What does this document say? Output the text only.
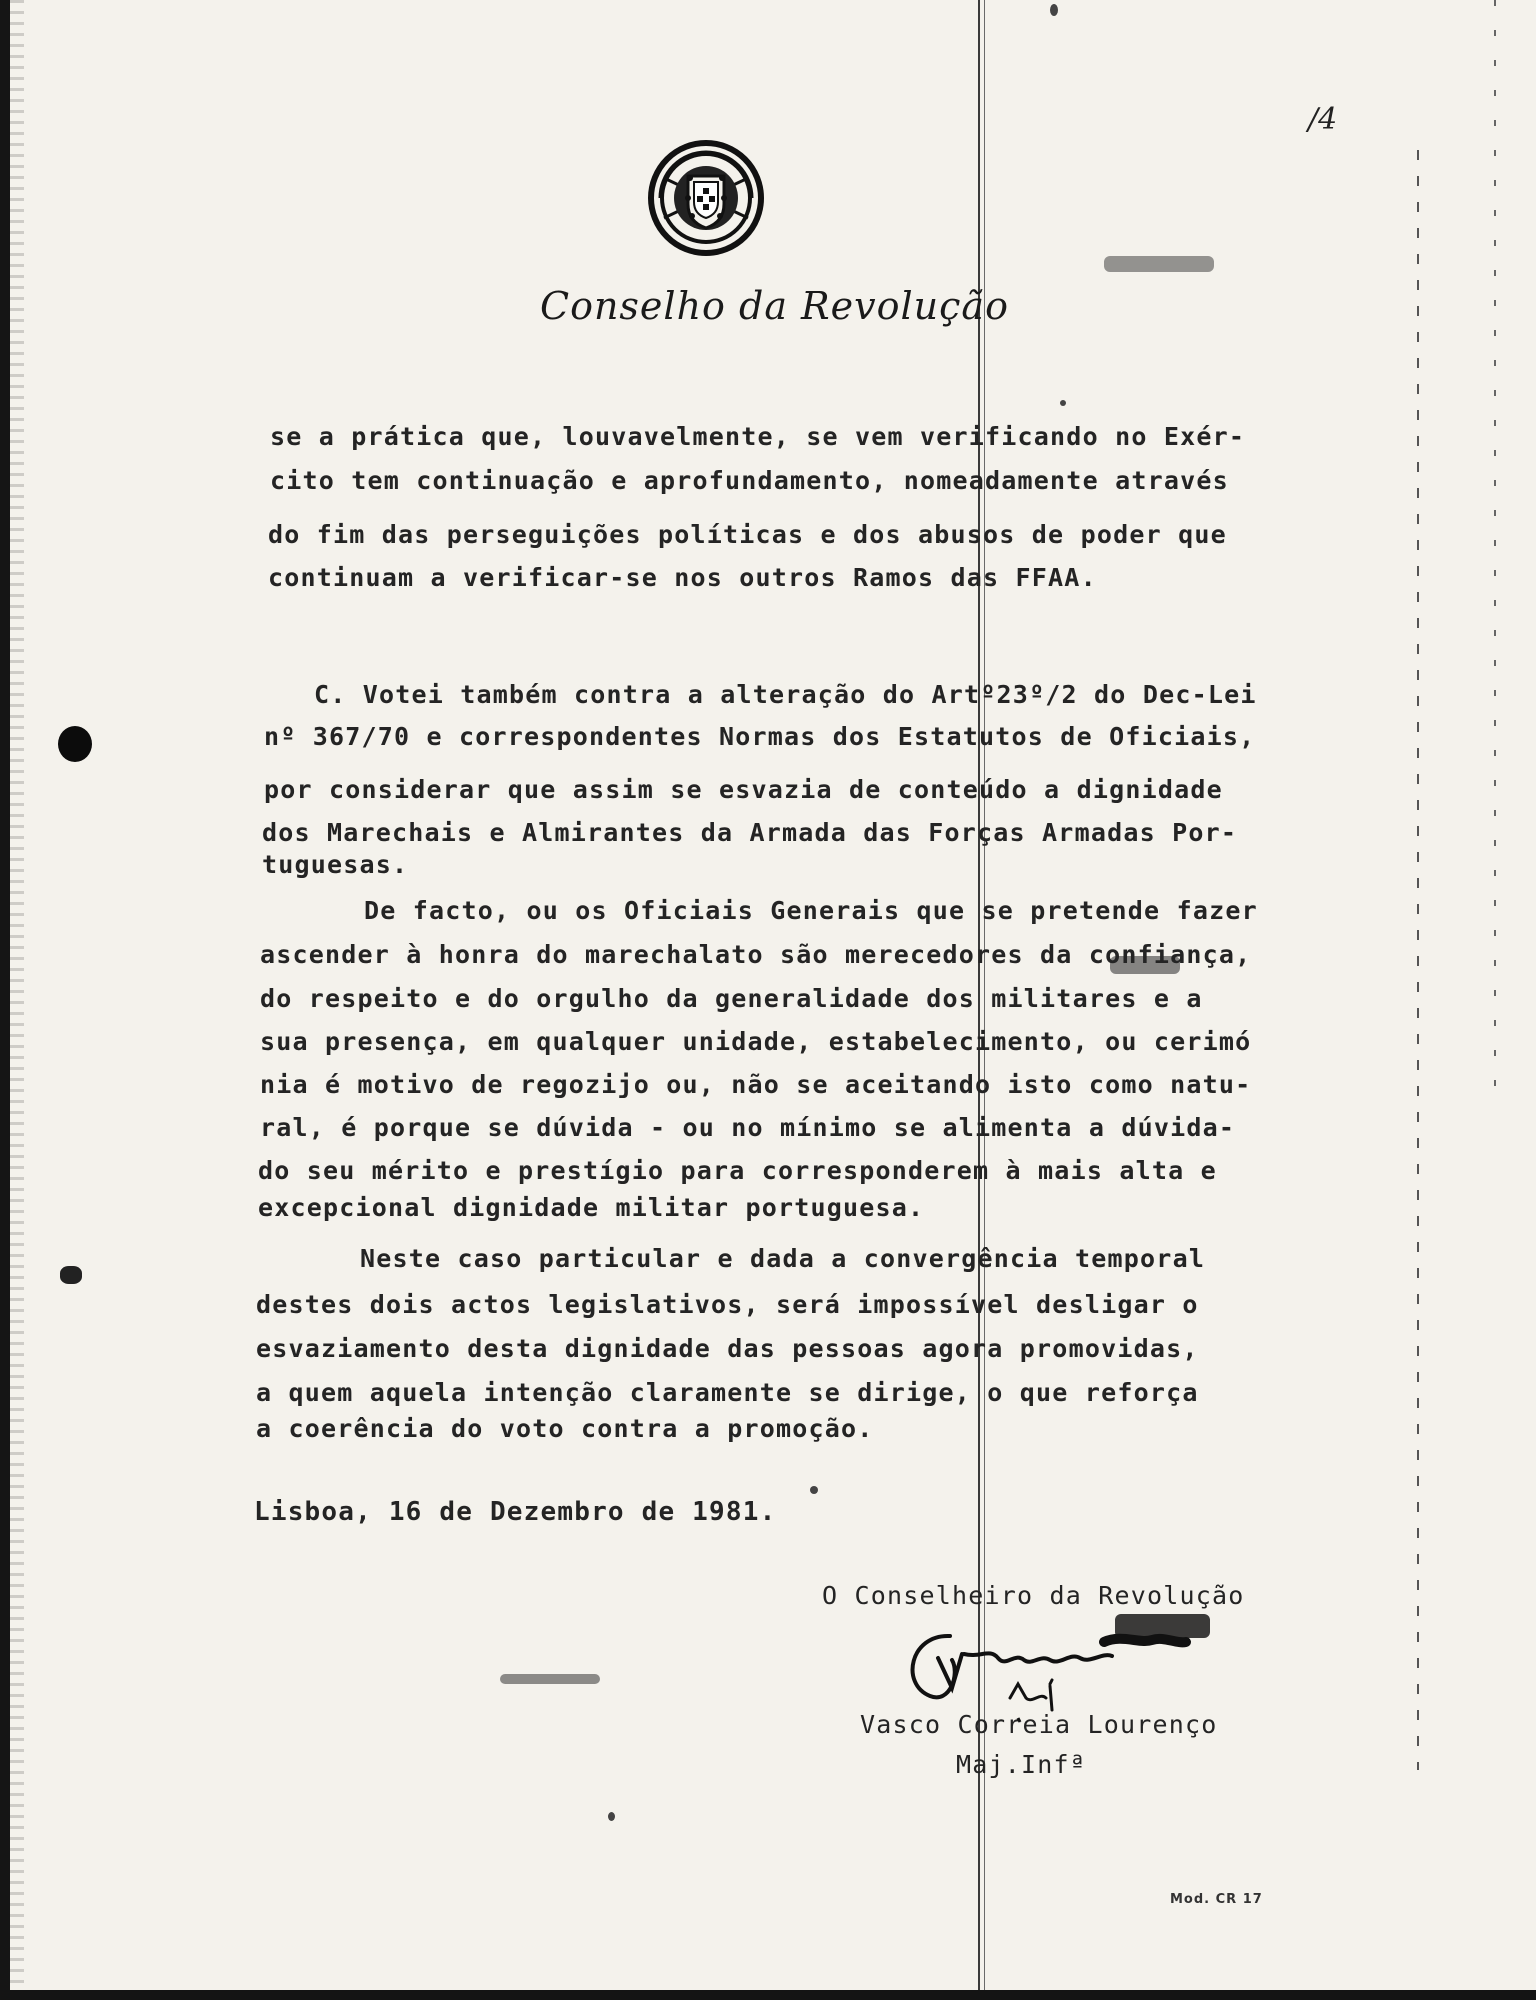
/4
Conselho da Revolução
se a prática que, louvavelmente, se vem verificando no Exér-
cito tem continuação e aprofundamento, nomeadamente através
do fim das perseguições políticas e dos abusos de poder que
continuam a verificar-se nos outros Ramos das FFAA.
C. Votei também contra a alteração do Artº23º/2 do Dec-Lei
nº 367/70 e correspondentes Normas dos Estatutos de Oficiais,
por considerar que assim se esvazia de conteúdo a dignidade
dos Marechais e Almirantes da Armada das Forças Armadas Por-
tuguesas.
De facto, ou os Oficiais Generais que se pretende fazer
ascender à honra do marechalato são merecedores da confiança,
do respeito e do orgulho da generalidade dos militares e a
sua presença, em qualquer unidade, estabelecimento, ou cerimó
nia é motivo de regozijo ou, não se aceitando isto como natu-
ral, é porque se dúvida - ou no mínimo se alimenta a dúvida-
do seu mérito e prestígio para corresponderem à mais alta e
excepcional dignidade militar portuguesa.
Neste caso particular e dada a convergência temporal
destes dois actos legislativos, será impossível desligar o
esvaziamento desta dignidade das pessoas agora promovidas,
a quem aquela intenção claramente se dirige, o que reforça
a coerência do voto contra a promoção.
Lisboa, 16 de Dezembro de 1981.
O Conselheiro da Revolução
Vasco Correia Lourenço
Maj.Infª
Mod. CR 17
